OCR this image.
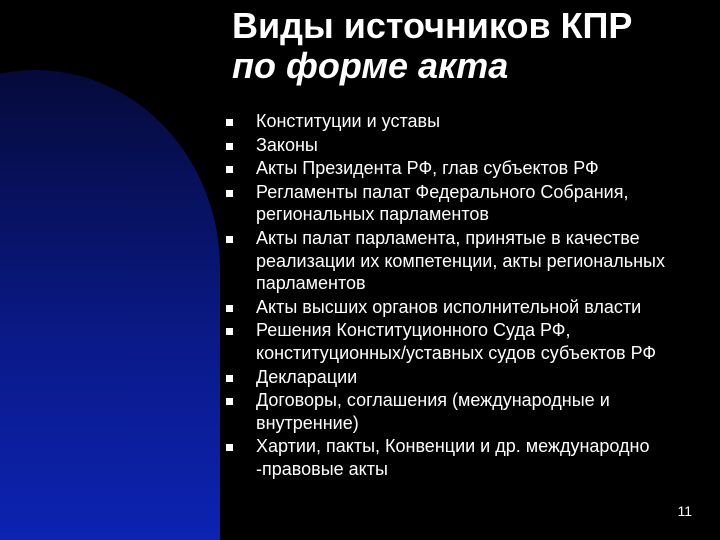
Виды источников КПР
по форме акта
Конституции и уставы
Законы
Акты Президента РФ, глав субъектов РФ
Регламенты палат Федерального Собрания, региональных парламентов
Акты палат парламента, принятые в качестве реализации их компетенции, акты региональных парламентов
Акты высших органов исполнительной власти
Решения Конституционного Суда РФ, конституционных/уставных судов субъектов РФ
Декларации
Договоры, соглашения (международные и внутренние)
Хартии, пакты, Конвенции и др. международно -правовые акты
11
